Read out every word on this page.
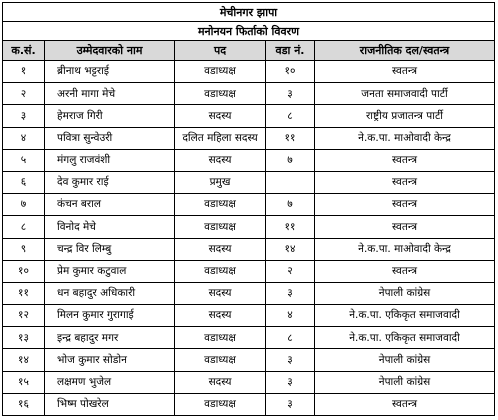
मेचीनगर झापा				
मनोनयन फिर्ताको विवरण				
क.सं.	उम्मेदवारको नाम	पद	वडा नं.	राजनीतिक दल/स्वतन्त्र
१	ब्रीनाथ भट्टराई	वडाध्यक्ष	१०	स्वतन्त्र
२	अरनी मागा मेचे	वडाध्यक्ष	३	जनता समाजवादी पार्टी
३	हेमराज गिरी	सदस्य	८	राष्ट्रीय प्रजातन्त्र पार्टी
४	पवित्रा सुन्वेउरी	दलित महिला सदस्य	११	ने.क.पा. माओवादी केन्द्र
५	मंगलु राजवंशी	सदस्य	७	स्वतन्त्र
६	देव कुमार राई	प्रमुख		स्वतन्त्र
७	कंचन बराल	वडाध्यक्ष	७	स्वतन्त्र
८	विनोद मेचे	वडाध्यक्ष	११	स्वतन्त्र
९	चन्द्र विर लिम्बु	सदस्य	१४	ने.क.पा. माओवादी केन्द्र
१०	प्रेम कुमार कटुवाल	वडाध्यक्ष	२	स्वतन्त्र
११	धन बहादुर अधिकारी	सदस्य	३	नेपाली कांग्रेस
१२	मिलन कुमार गुरागाई	सदस्य	४	ने.क.पा. एकिकृत समाजवादी
१३	इन्द्र बहादुर मगर	वडाध्यक्ष	८	ने.क.पा. एकिकृत समाजवादी
१४	भोज कुमार सोडोन	वडाध्यक्ष	३	नेपाली कांग्रेस
१५	लक्षमण भुजेल	सदस्य	३	नेपाली कांग्रेस
१६	भिष्म पोखरेल	वडाध्यक्ष	३	स्वतन्त्र
